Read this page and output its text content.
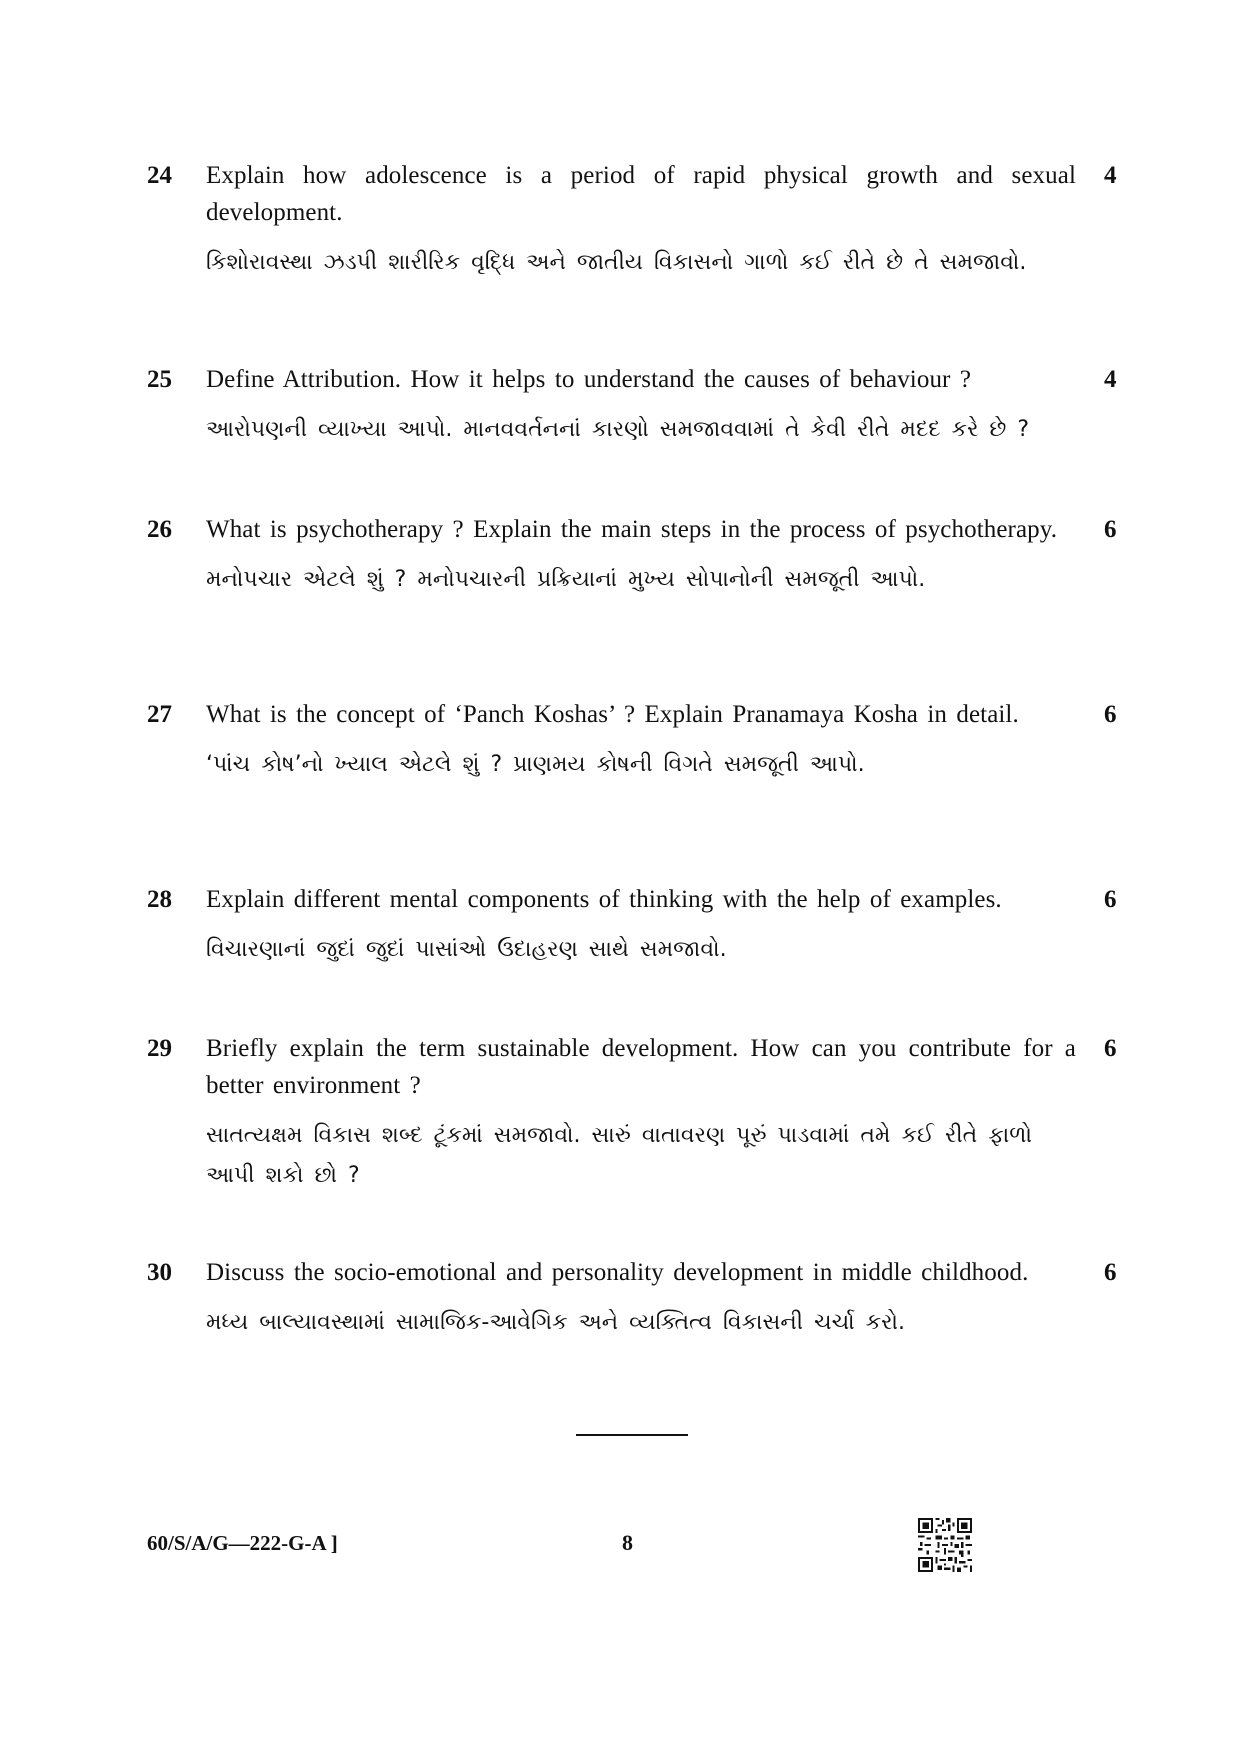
24 Explain how adolescence is a period of rapid physical growth and sexual development.
કિશોરાવસ્થા ઝડપી શારીરિક વૃદ્ધિ અને જાતીય વિકાસનો ગાળો કઈ રીતે છે તે સમજાવો.
4
25 Define Attribution. How it helps to understand the causes of behaviour ?
આરોપણની વ્યાખ્યા આપો. માનવવર્તનનાં કારણો સમજાવવામાં તે કેવી રીતે મદદ કરે છે ?
4
26 What is psychotherapy ? Explain the main steps in the process of psychotherapy.
મનોપચાર એટલે શું ? મનોપચારની પ્રક્રિયાનાં મુખ્ય સોપાનોની સમજૂતી આપો.
6
27 What is the concept of ‘Panch Koshas’ ? Explain Pranamaya Kosha in detail.
‘પાંચ કોષ’નો ખ્યાલ એટલે શું ? પ્રાણમય કોષની વિગતે સમજૂતી આપો.
6
28 Explain different mental components of thinking with the help of examples.
વિચારણાનાં જુદાં જુદાં પાસાંઓ ઉદાહરણ સાથે સમજાવો.
6
29 Briefly explain the term sustainable development. How can you contribute for a better environment ?
સાતત્યક્ષમ વિકાસ શબ્દ ટૂંકમાં સમજાવો. સારું વાતાવરણ પૂરું પાડવામાં તમે કઈ રીતે ફાળો આપી શકો છો ?
6
30 Discuss the socio-emotional and personality development in middle childhood.
મધ્ય બાલ્યાવસ્થામાં સામાજિક-આવેગિક અને વ્યક્તિત્વ વિકાસની ચર્ચા કરો.
6
60/S/A/G—222-G-A ]	8
